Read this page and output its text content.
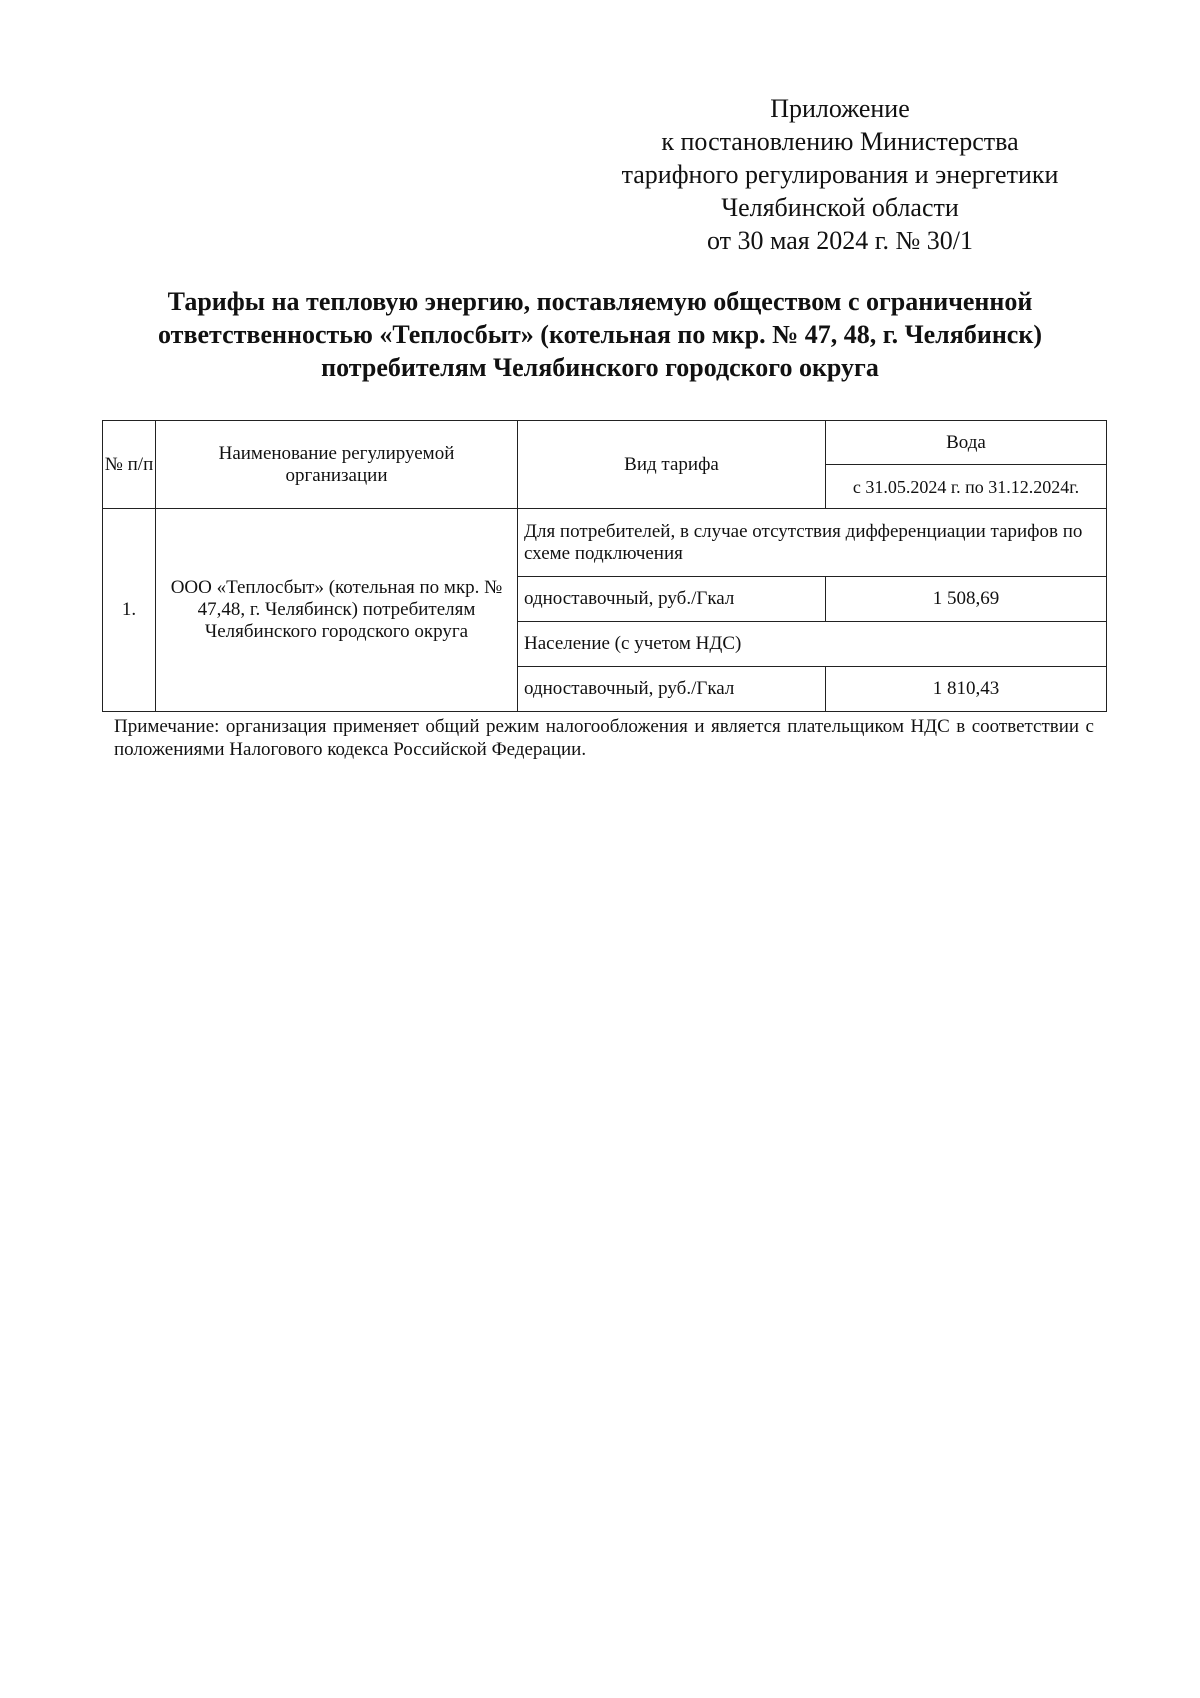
Приложение
к постановлению Министерства
тарифного регулирования и энергетики
Челябинской области
от 30 мая 2024 г. № 30/1
Тарифы на тепловую энергию, поставляемую обществом с ограниченной
ответственностью «Теплосбыт» (котельная по мкр. № 47, 48, г. Челябинск)
потребителям Челябинского городского округа
№ п/п	Наименование регулируемой организации	Вид тарифа	Вода
			с 31.05.2024 г. по 31.12.2024г.
1.	ООО «Теплосбыт» (котельная по мкр. № 47,48, г. Челябинск) потребителям Челябинского городского округа	Для потребителей, в случае отсутствия дифференциации тарифов по схеме подключения	
		одноставочный, руб./Гкал	1 508,69
		Население (с учетом НДС)	
		одноставочный, руб./Гкал	1 810,43
Примечание: организация применяет общий режим налогообложения и является плательщиком НДС в соответствии с положениями Налогового кодекса Российской Федерации.
